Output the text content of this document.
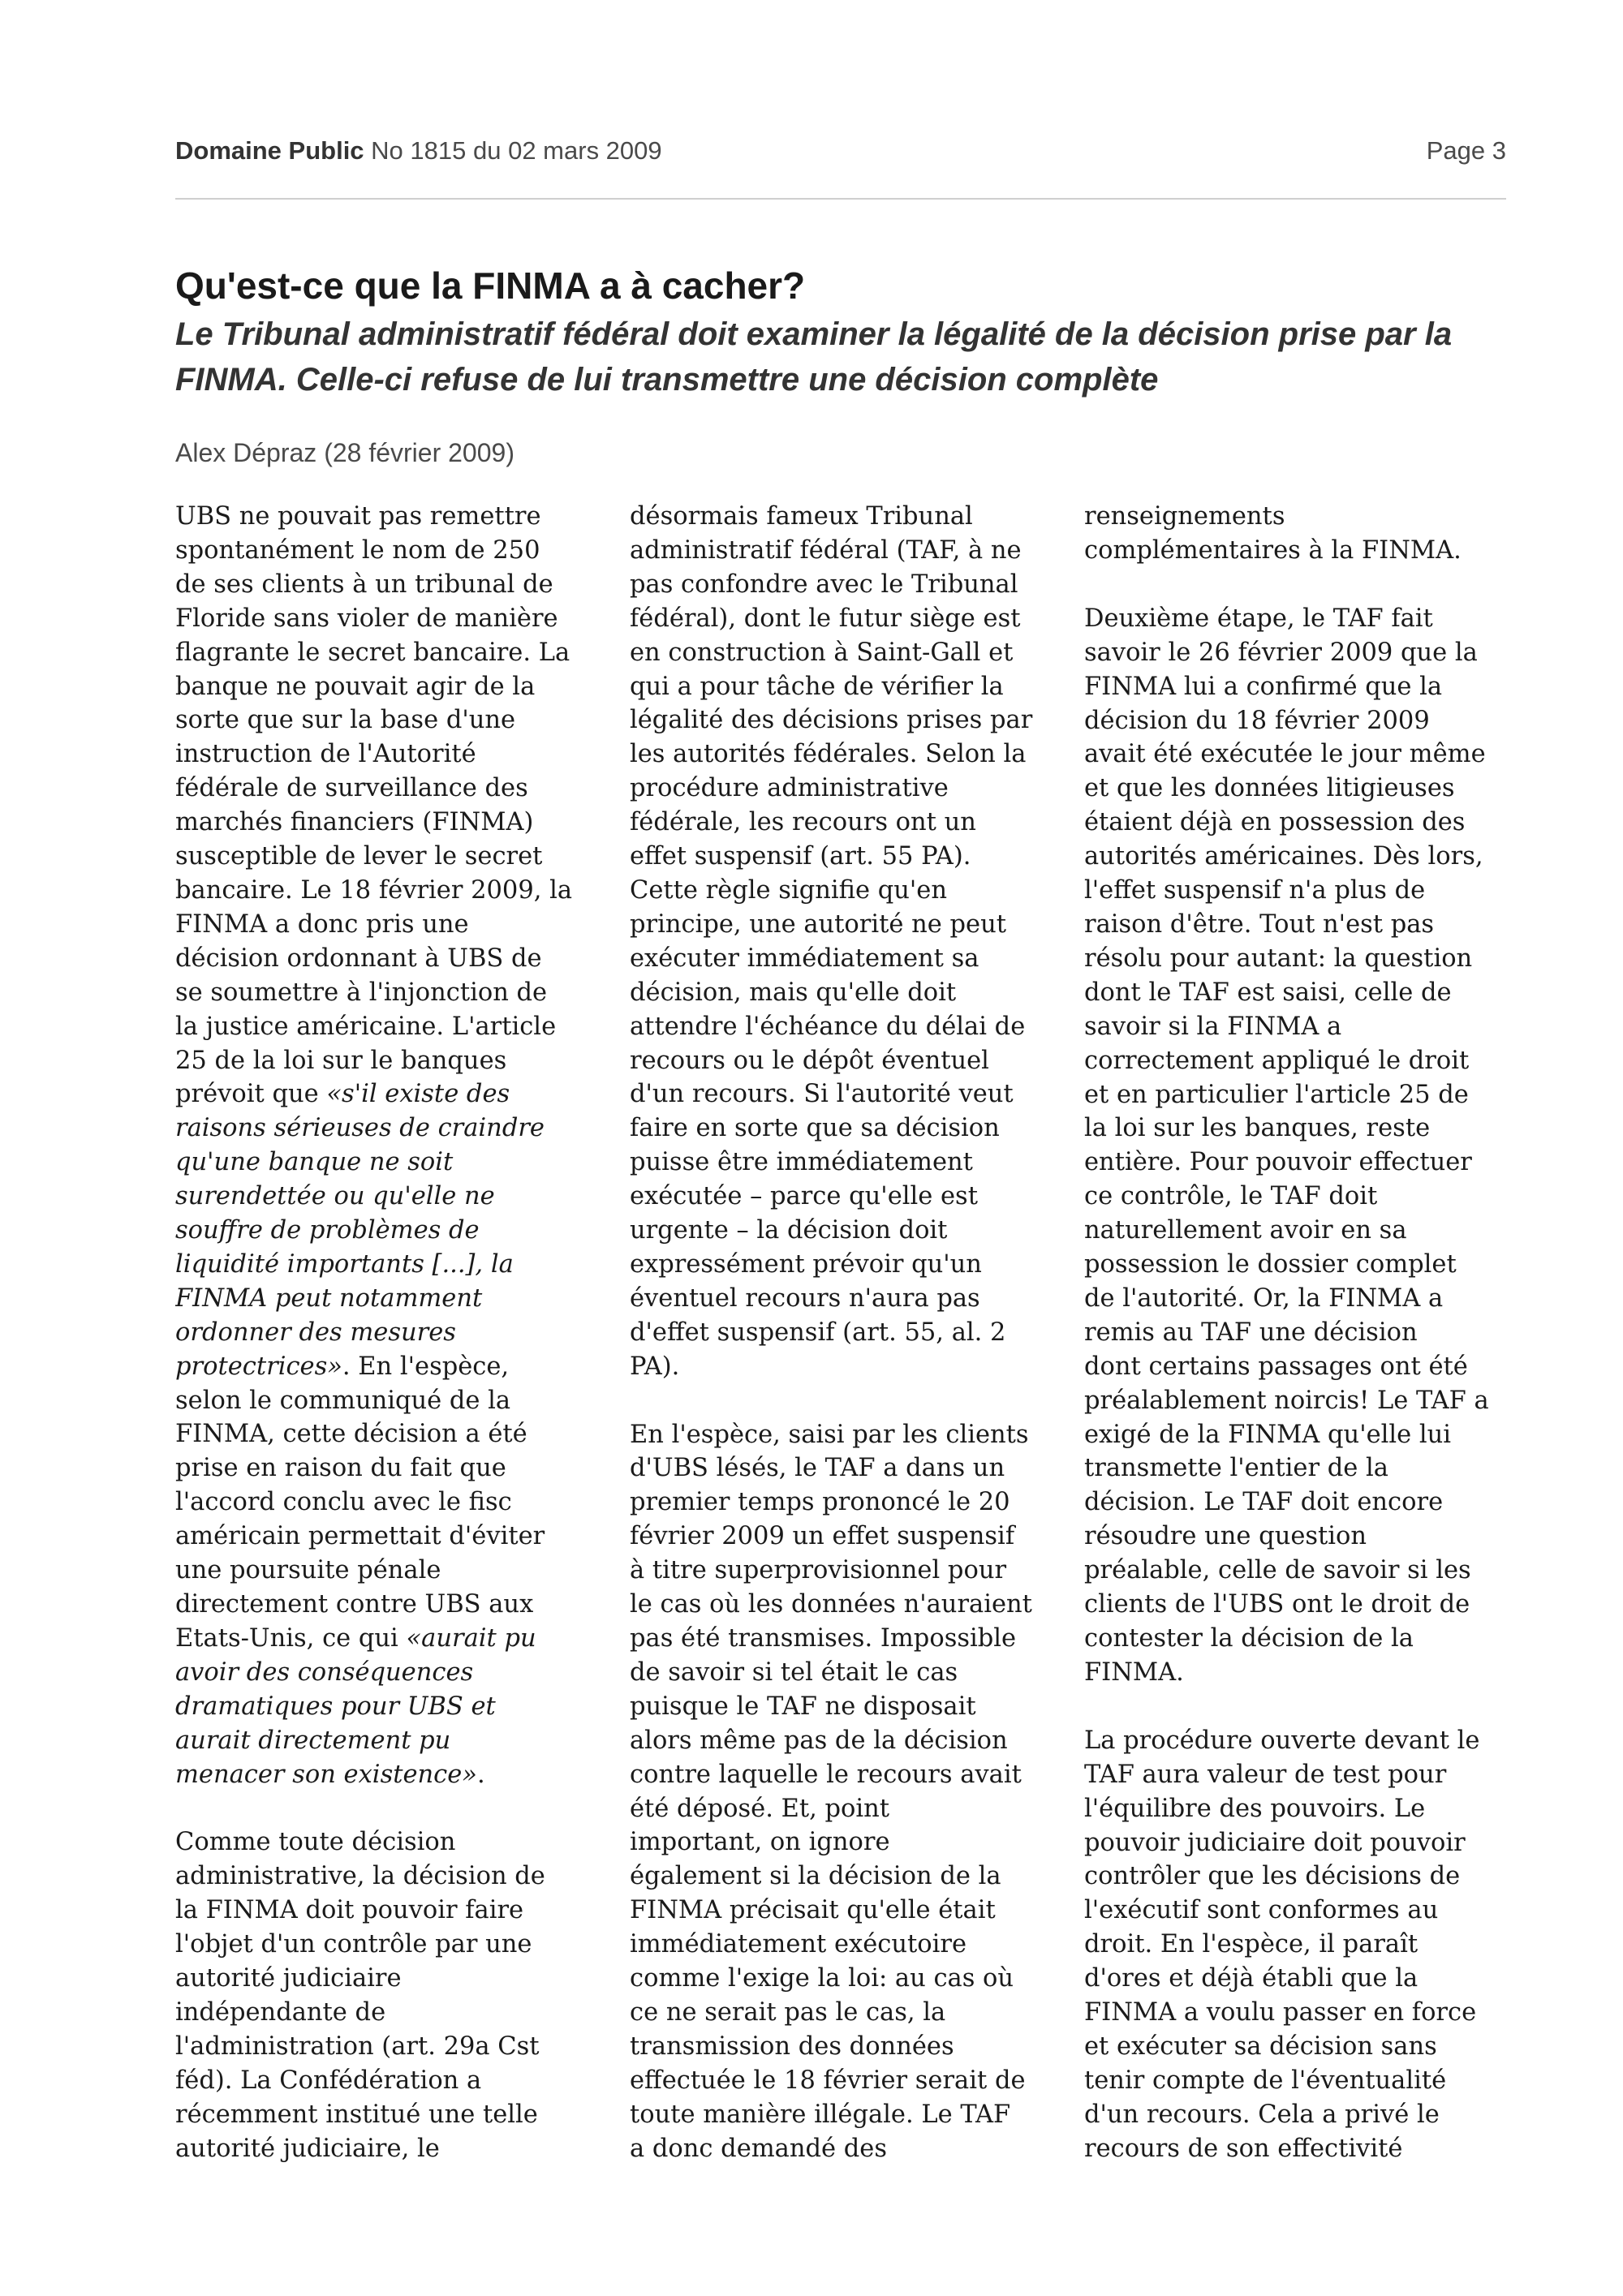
Domaine Public No 1815 du 02 mars 2009	Page 3
Qu'est-ce que la FINMA a à cacher?
Le Tribunal administratif fédéral doit examiner la légalité de la décision prise par la FINMA. Celle-ci refuse de lui transmettre une décision complète
Alex Dépraz (28 février 2009)

UBS ne pouvait pas remettre
spontanément le nom de 250
de ses clients à un tribunal de
Floride sans violer de manière
flagrante le secret bancaire. La
banque ne pouvait agir de la
sorte que sur la base d'une
instruction de l'Autorité
fédérale de surveillance des
marchés financiers (FINMA)
susceptible de lever le secret
bancaire. Le 18 février 2009, la
FINMA a donc pris une
décision ordonnant à UBS de
se soumettre à l'injonction de
la justice américaine. L'article
25 de la loi sur le banques
prévoit que «s'il existe des
raisons sérieuses de craindre
qu'une banque ne soit
surendettée ou qu'elle ne
souffre de problèmes de
liquidité importants [...], la
FINMA peut notamment
ordonner des mesures
protectrices». En l'espèce,
selon le communiqué de la
FINMA, cette décision a été
prise en raison du fait que
l'accord conclu avec le fisc
américain permettait d'éviter
une poursuite pénale
directement contre UBS aux
Etats-Unis, ce qui «aurait pu
avoir des conséquences
dramatiques pour UBS et
aurait directement pu
menacer son existence».

Comme toute décision
administrative, la décision de
la FINMA doit pouvoir faire
l'objet d'un contrôle par une
autorité judiciaire
indépendante de
l'administration (art. 29a Cst
féd). La Confédération a
récemment institué une telle
autorité judiciaire, le

désormais fameux Tribunal
administratif fédéral (TAF, à ne
pas confondre avec le Tribunal
fédéral), dont le futur siège est
en construction à Saint-Gall et
qui a pour tâche de vérifier la
légalité des décisions prises par
les autorités fédérales. Selon la
procédure administrative
fédérale, les recours ont un
effet suspensif (art. 55 PA).
Cette règle signifie qu'en
principe, une autorité ne peut
exécuter immédiatement sa
décision, mais qu'elle doit
attendre l'échéance du délai de
recours ou le dépôt éventuel
d'un recours. Si l'autorité veut
faire en sorte que sa décision
puisse être immédiatement
exécutée – parce qu'elle est
urgente – la décision doit
expressément prévoir qu'un
éventuel recours n'aura pas
d'effet suspensif (art. 55, al. 2
PA).

En l'espèce, saisi par les clients
d'UBS lésés, le TAF a dans un
premier temps prononcé le 20
février 2009 un effet suspensif
à titre superprovisionnel pour
le cas où les données n'auraient
pas été transmises. Impossible
de savoir si tel était le cas
puisque le TAF ne disposait
alors même pas de la décision
contre laquelle le recours avait
été déposé. Et, point
important, on ignore
également si la décision de la
FINMA précisait qu'elle était
immédiatement exécutoire
comme l'exige la loi: au cas où
ce ne serait pas le cas, la
transmission des données
effectuée le 18 février serait de
toute manière illégale. Le TAF
a donc demandé des

renseignements
complémentaires à la FINMA.

Deuxième étape, le TAF fait
savoir le 26 février 2009 que la
FINMA lui a confirmé que la
décision du 18 février 2009
avait été exécutée le jour même
et que les données litigieuses
étaient déjà en possession des
autorités américaines. Dès lors,
l'effet suspensif n'a plus de
raison d'être. Tout n'est pas
résolu pour autant: la question
dont le TAF est saisi, celle de
savoir si la FINMA a
correctement appliqué le droit
et en particulier l'article 25 de
la loi sur les banques, reste
entière. Pour pouvoir effectuer
ce contrôle, le TAF doit
naturellement avoir en sa
possession le dossier complet
de l'autorité. Or, la FINMA a
remis au TAF une décision
dont certains passages ont été
préalablement noircis! Le TAF a
exigé de la FINMA qu'elle lui
transmette l'entier de la
décision. Le TAF doit encore
résoudre une question
préalable, celle de savoir si les
clients de l'UBS ont le droit de
contester la décision de la
FINMA.

La procédure ouverte devant le
TAF aura valeur de test pour
l'équilibre des pouvoirs. Le
pouvoir judiciaire doit pouvoir
contrôler que les décisions de
l'exécutif sont conformes au
droit. En l'espèce, il paraît
d'ores et déjà établi que la
FINMA a voulu passer en force
et exécuter sa décision sans
tenir compte de l'éventualité
d'un recours. Cela a privé le
recours de son effectivité
